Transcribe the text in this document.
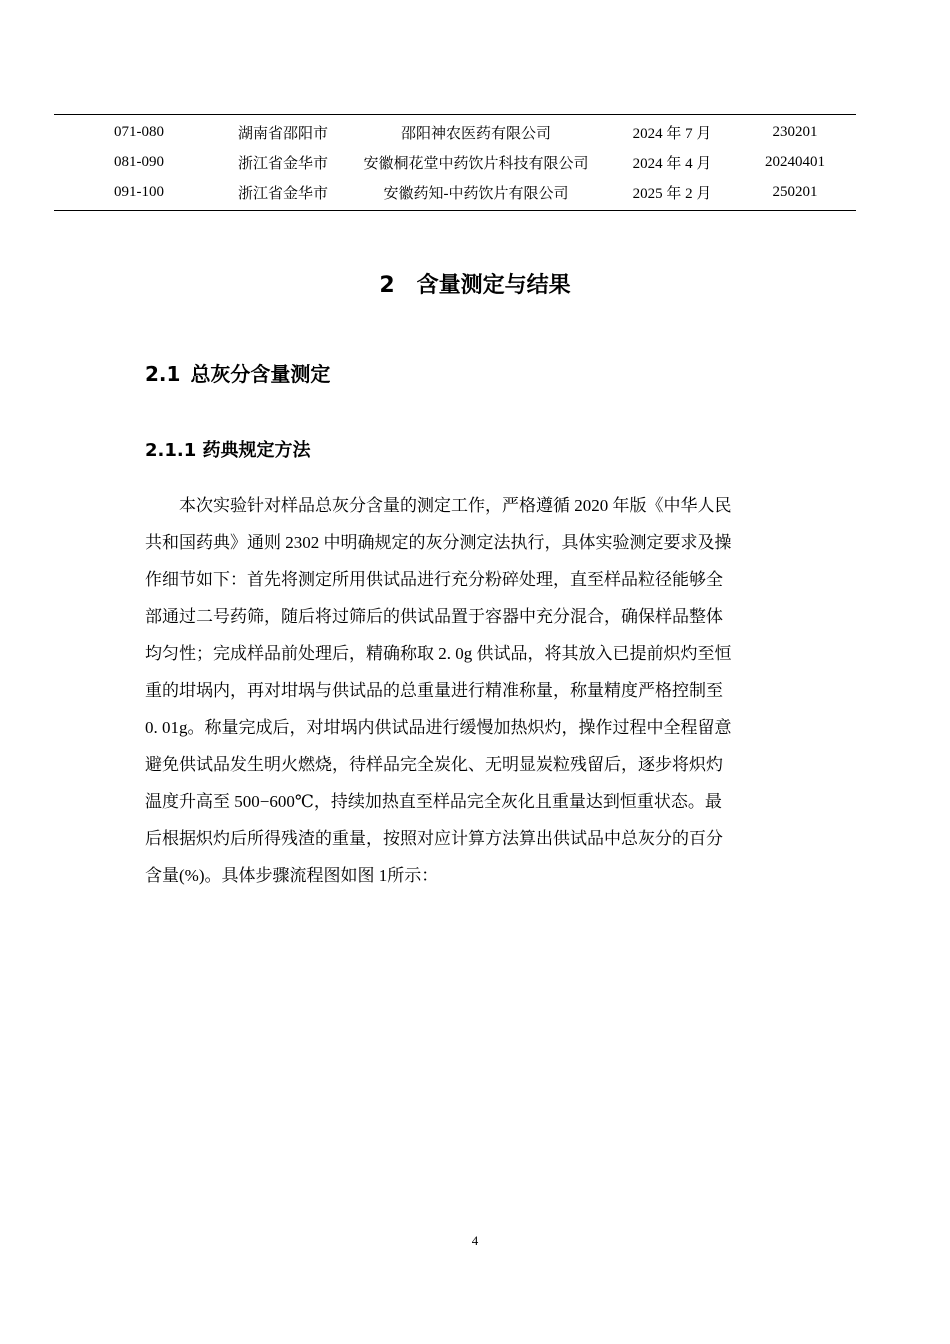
071-080	湖南省邵阳市	邵阳神农医药有限公司	2024 年 7 月	230201
081-090	浙江省金华市	安徽桐花堂中药饮片科技有限公司	2024 年 4 月	20240401
091-100	浙江省金华市	安徽药知-中药饮片有限公司	2025 年 2 月	250201
2 含量测定与结果
2.1 总灰分含量测定
2.1.1 药典规定方法
　　本次实验针对样品总灰分含量的测定工作，严格遵循 2020 年版《中华人民
共和国药典》通则 2302 中明确规定的灰分测定法执行，具体实验测定要求及操
作细节如下：首先将测定所用供试品进行充分粉碎处理，直至样品粒径能够全
部通过二号药筛，随后将过筛后的供试品置于容器中充分混合，确保样品整体
均匀性；完成样品前处理后，精确称取 2. 0g 供试品，将其放入已提前炽灼至恒
重的坩埚内，再对坩埚与供试品的总重量进行精准称量，称量精度严格控制至
0. 01g。称量完成后，对坩埚内供试品进行缓慢加热炽灼，操作过程中全程留意
避免供试品发生明火燃烧，待样品完全炭化、无明显炭粒残留后，逐步将炽灼
温度升高至 500−600℃，持续加热直至样品完全灰化且重量达到恒重状态。最
后根据炽灼后所得残渣的重量，按照对应计算方法算出供试品中总灰分的百分
含量(%)。具体步骤流程图如图 1所示：
4
